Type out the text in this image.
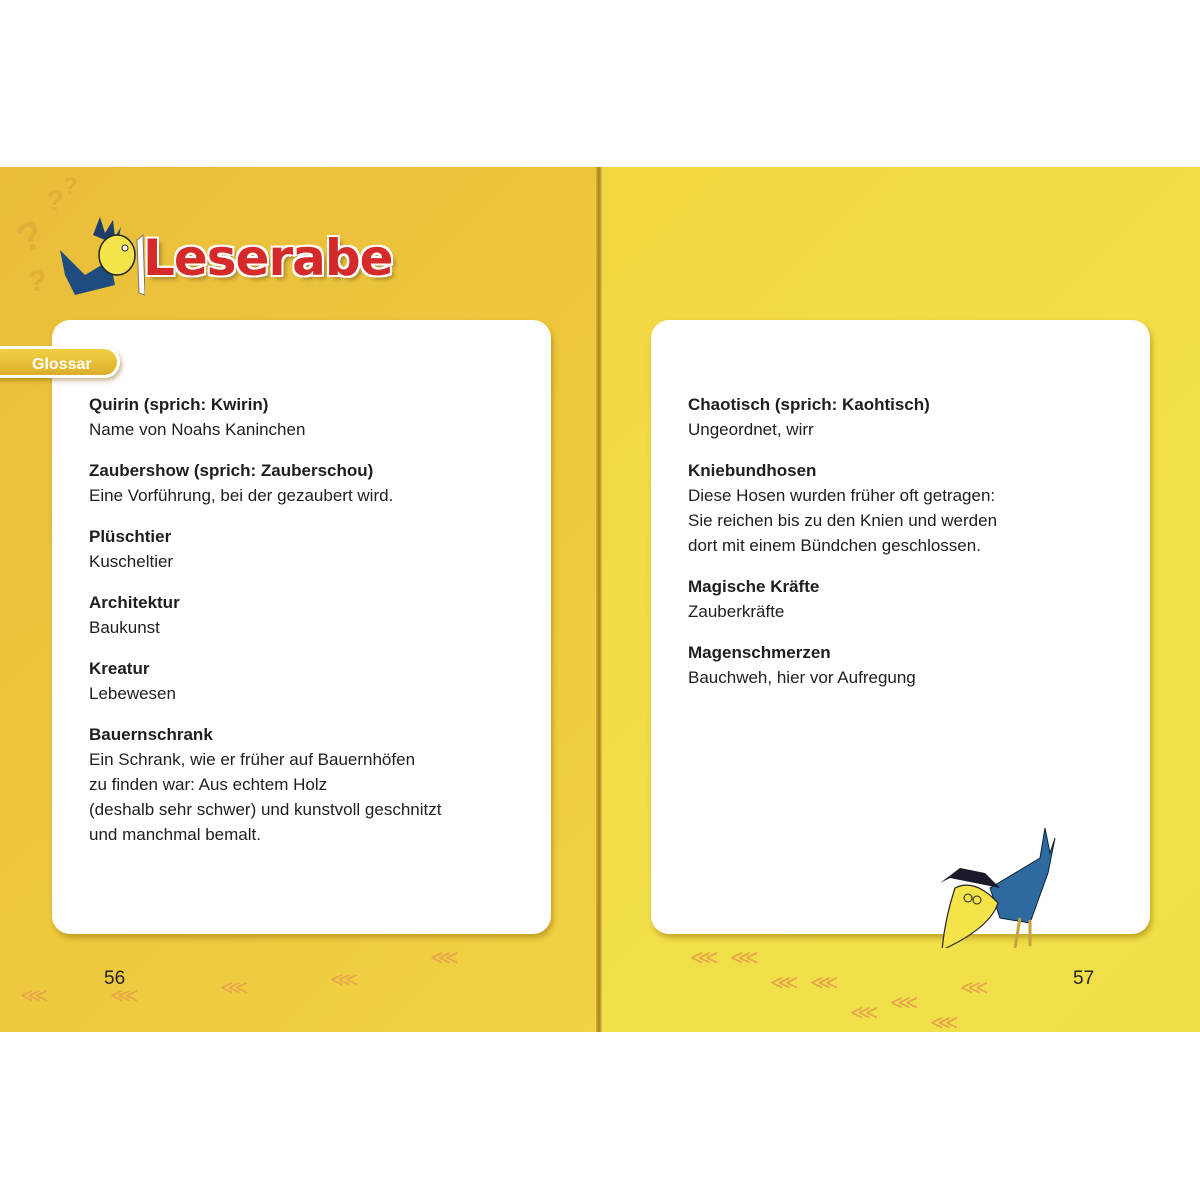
?
?
?
? Leserabe
Quirin (sprich: Kwirin)
Name von Noahs Kaninchen
Zaubershow (sprich: Zauberschou)
Eine Vorführung, bei der gezaubert wird.
Plüschtier
Kuscheltier
Architektur
Baukunst
Kreatur
Lebewesen
Bauernschrank
Ein Schrank, wie er früher auf Bauernhöfen
zu finden war: Aus echtem Holz
(deshalb sehr schwer) und kunstvoll geschnitzt
und manchmal bemalt.
Glossar
Chaotisch (sprich: Kaohtisch)
Ungeordnet, wirr
Kniebundhosen
Diese Hosen wurden früher oft getragen:
Sie reichen bis zu den Knien und werden
dort mit einem Bündchen geschlossen.
Magische Kräfte
Zauberkräfte
Magenschmerzen
Bauchweh, hier vor Aufregung
⋘	⋘	⋘	⋘
⋘	⋘ ⋘
⋘ ⋘
⋘ ⋘
⋘
⋘
56	57
